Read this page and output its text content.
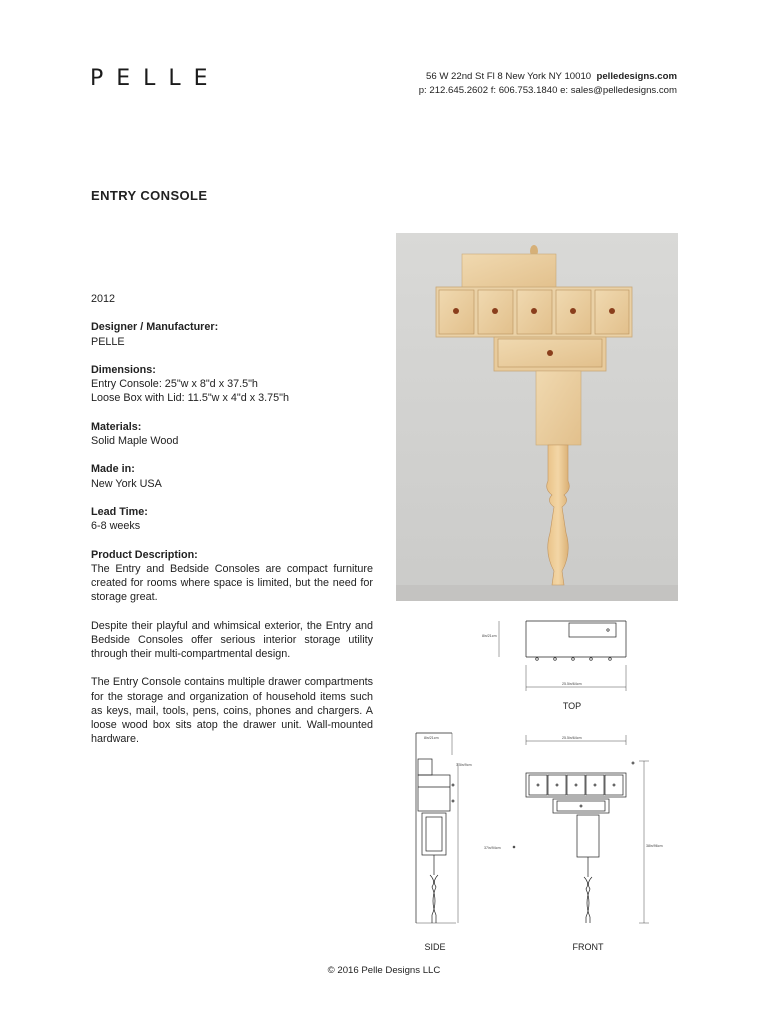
PELLE	56 W 22nd St Fl 8 New York NY 10010 pelledesigns.com
p: 212.645.2602 f: 606.753.1840 e: sales@pelledesigns.com
ENTRY CONSOLE

2012

Designer / Manufacturer:
PELLE

Dimensions:
Entry Console: 25"w x 8"d x 37.5"h
Loose Box with Lid: 11.5"w x 4"d x 3.75"h

Materials:
Solid Maple Wood

Made in:
New York USA

Lead Time:
6-8 weeks

Product Description:
The Entry and Bedside Consoles are compact furniture created for rooms where space is limited, but the need for storage great.

Despite their playful and whimsical exterior, the Entry and Bedside Consoles offer serious interior storage utility through their multi-compartmental design.

The Entry Console contains multiple drawer compartments for the storage and organization of household items such as keys, mail, tools, pens, coins, phones and chargers. A loose wood box sits atop the drawer unit. Wall-mounted hardware.

8in/21cm
25.5in/64cm
8in/21cm
3.5in/9cm
37in/94cm
25.5in/64cm
38in/96cm
TOP
SIDE	FRONT
© 2016 Pelle Designs LLC
